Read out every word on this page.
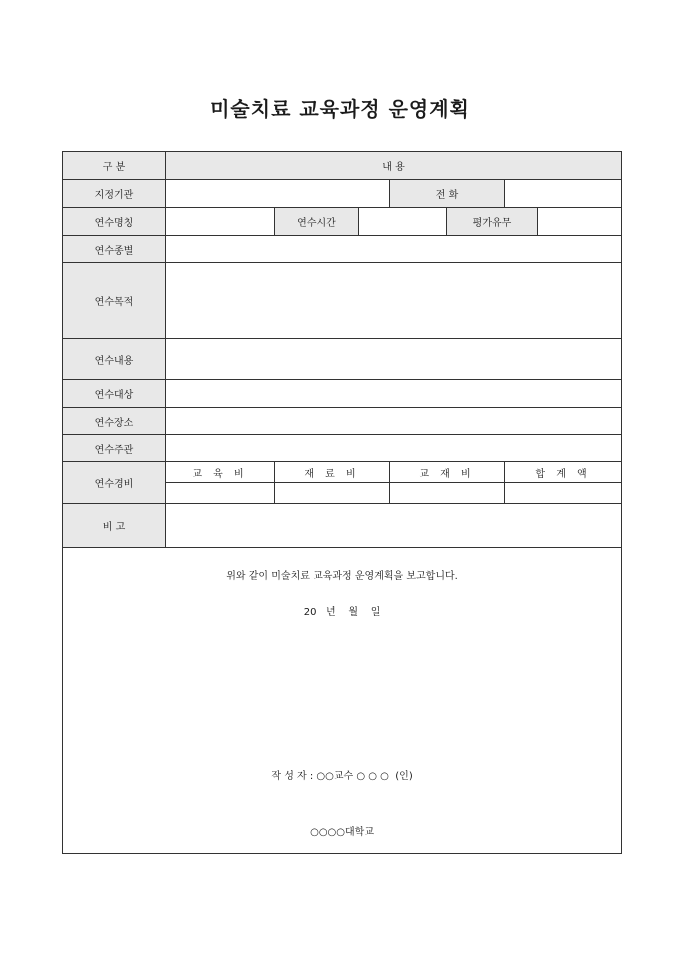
미술치료 교육과정 운영계획
구 분	내 용						
지정기관				전 화			
연수명칭		연수시간			평가유무		
연수종별							
연수목적							
연수내용							
연수대상							
연수장소							
연수주관							
연수경비	교 육 비	재 료 비		교 재 비		합 계 액	

비 고							

위와 같이 미술치료 교육과정 운영계획을 보고합니다.
20   년    월    일
작 성 자 : ○○교수 ○ ○ ○  (인)
○○○○대학교							
